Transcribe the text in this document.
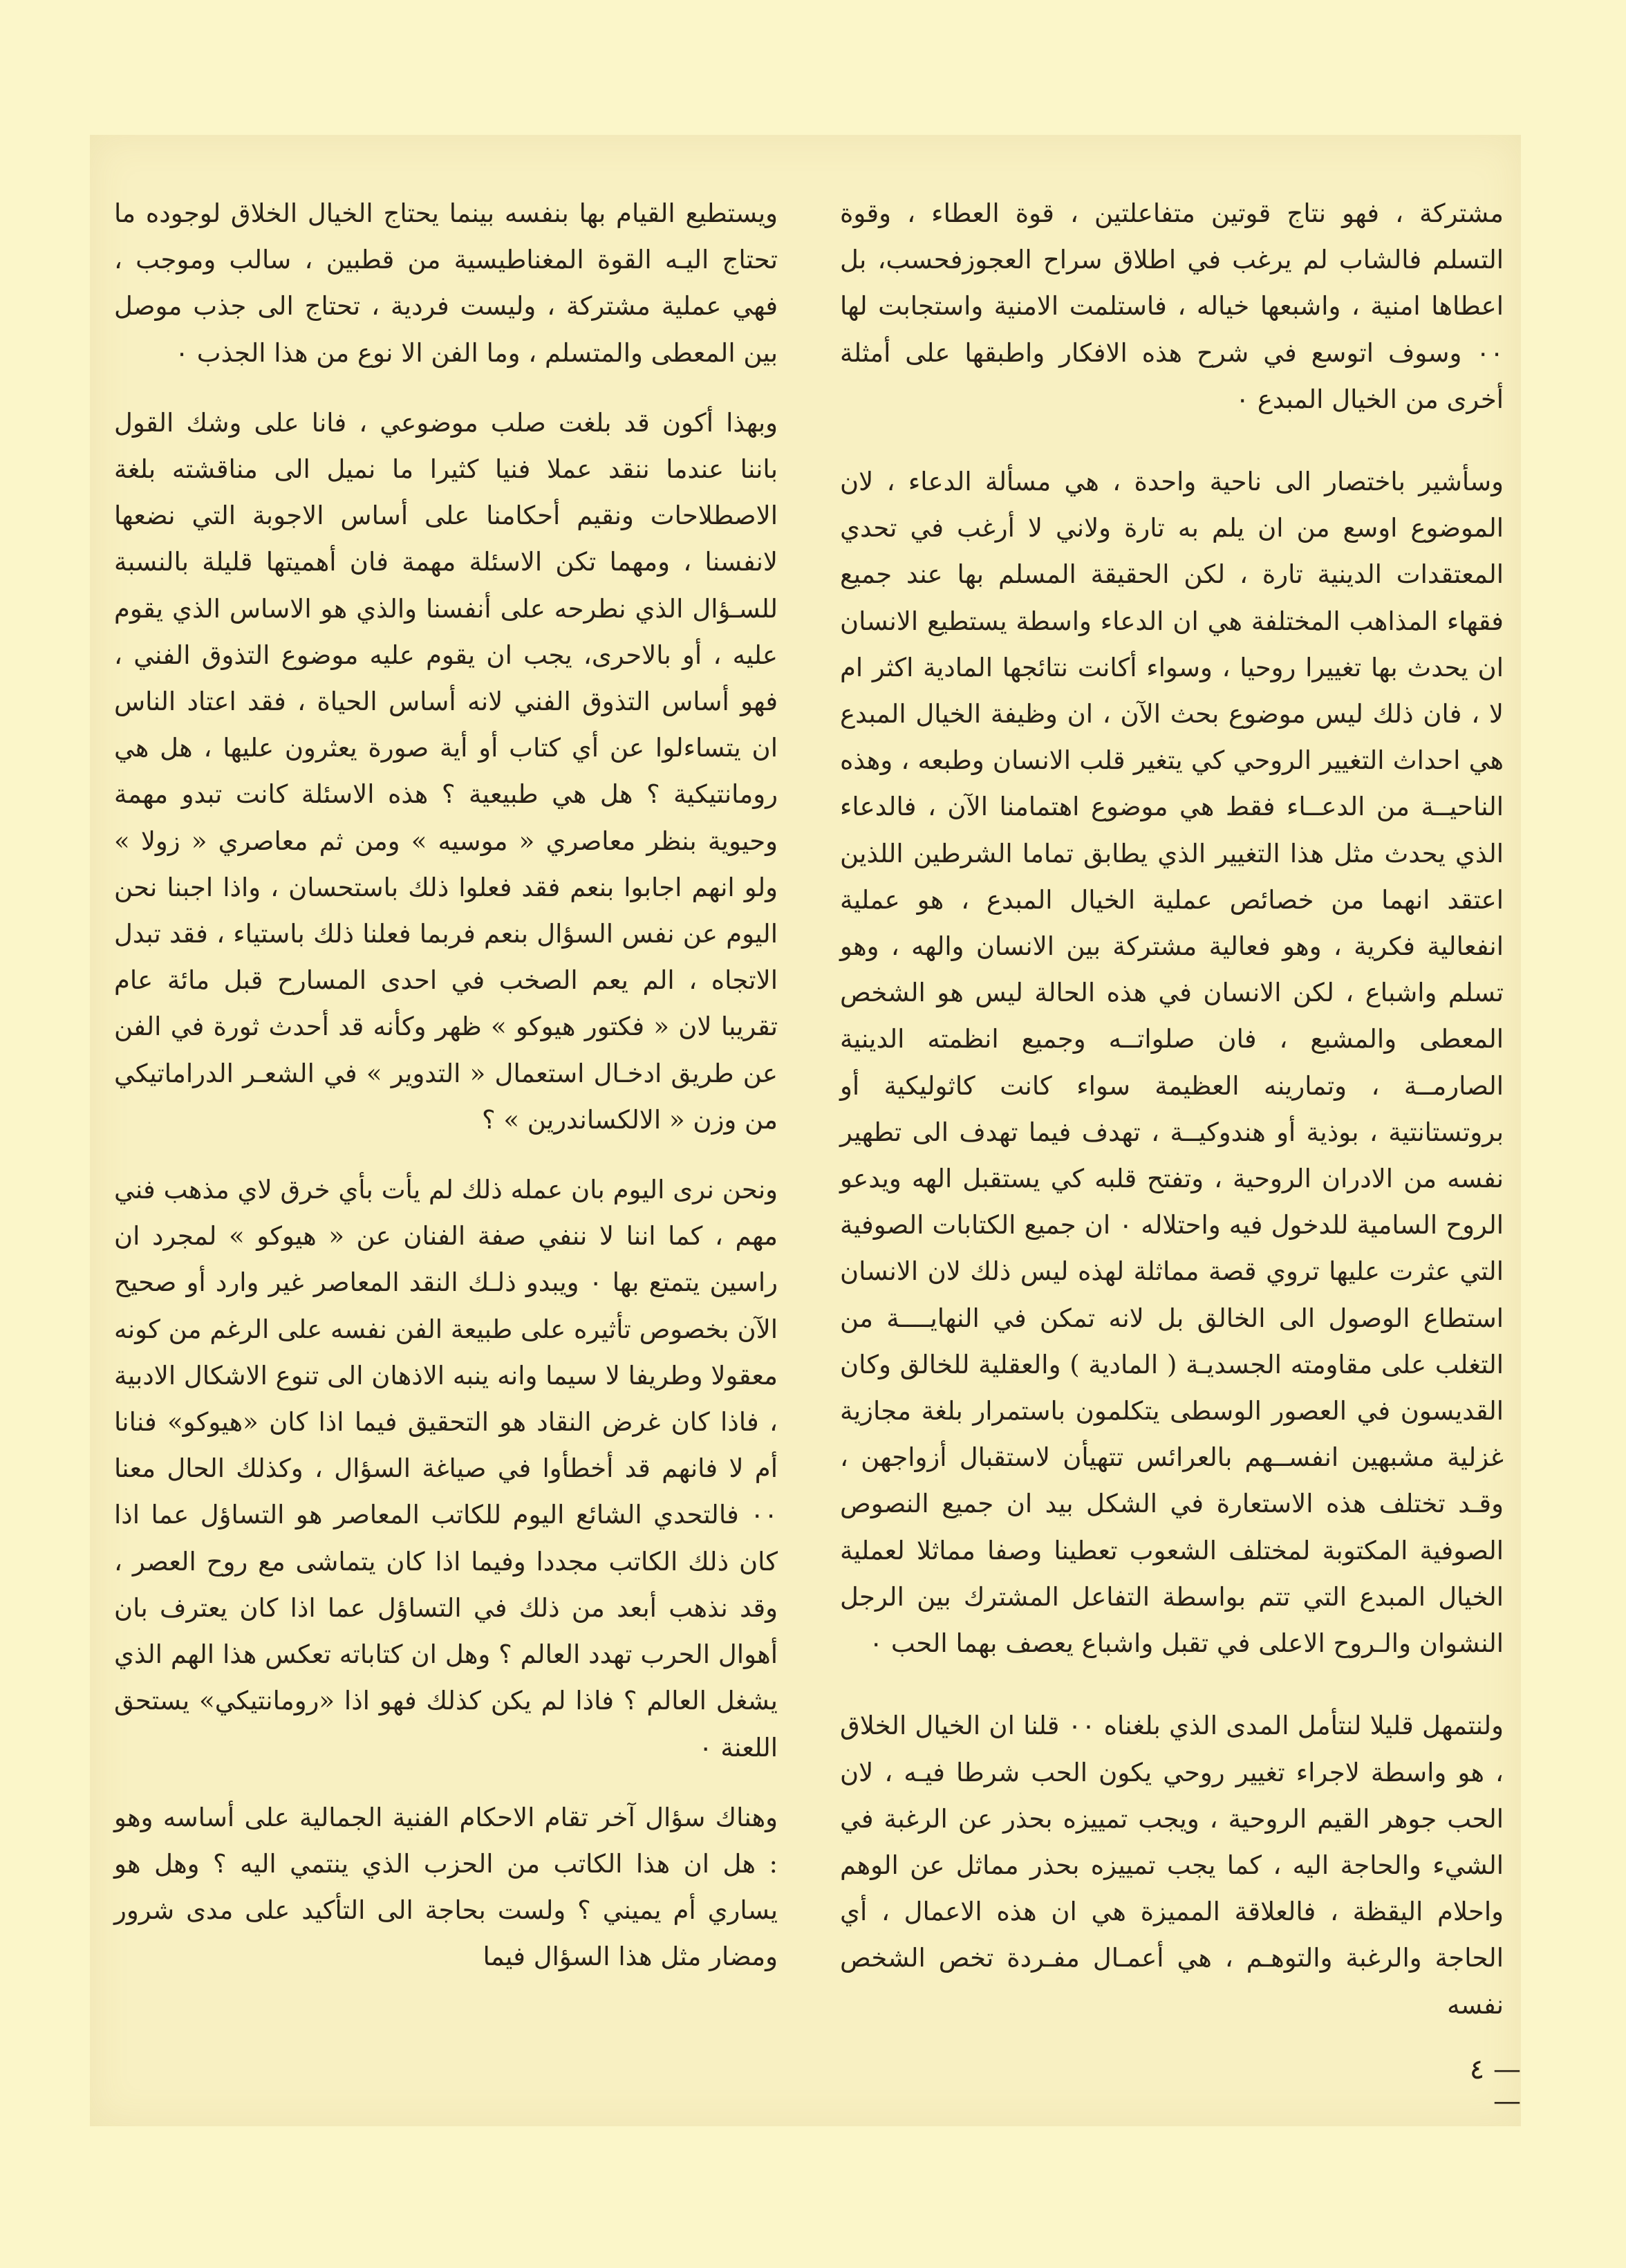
مشتركة ، فهو نتاج قوتين متفاعلتين ، قوة العطاء ، وقوة التسلم فالشاب لم يرغب في اطلاق سراح العجوزفحسب، بل اعطاها امنية ، واشبعها خياله ، فاستلمت الامنية واستجابت لها ٠٠ وسوف اتوسع في شرح هذه الافكار واطبقها على أمثلة أخرى من الخيال المبدع ٠

وسأشير باختصار الى ناحية واحدة ، هي مسألة الدعاء ، لان الموضوع اوسع من ان يلم به تارة ولاني لا أرغب في تحدي المعتقدات الدينية تارة ، لكن الحقيقة المسلم بها عند جميع فقهاء المذاهب المختلفة هي ان الدعاء واسطة يستطيع الانسان ان يحدث بها تغييرا روحيا ، وسواء أكانت نتائجها المادية اكثر ام لا ، فان ذلك ليس موضوع بحث الآن ، ان وظيفة الخيال المبدع هي احداث التغيير الروحي كي يتغير قلب الانسان وطبعه ، وهذه الناحيــة من الدعــاء فقط هي موضوع اهتمامنا الآن ، فالدعاء الذي يحدث مثل هذا التغيير الذي يطابق تماما الشرطين اللذين اعتقد انهما من خصائص عملية الخيال المبدع ، هو عملية انفعالية فكرية ، وهو فعالية مشتركة بين الانسان والهه ، وهو تسلم واشباع ، لكن الانسان في هذه الحالة ليس هو الشخص المعطى والمشبع ، فان صلواتــه وجميع انظمته الدينية الصارمــة ، وتمارينه العظيمة سواء كانت كاثوليكية أو بروتستانتية ، بوذية أو هندوكيــة ، تهدف فيما تهدف الى تطهير نفسه من الادران الروحية ، وتفتح قلبه كي يستقبل الهه ويدعو الروح السامية للدخول فيه واحتلاله ٠ ان جميع الكتابات الصوفية التي عثرت عليها تروي قصة مماثلة لهذه ليس ذلك لان الانسان استطاع الوصول الى الخالق بل لانه تمكن في النهايــــة من التغلب على مقاومته الجسديـة ( المادية ) والعقلية للخالق وكان القديسون في العصور الوسطى يتكلمون باستمرار بلغة مجازية غزلية مشبهين انفســهم بالعرائس تتهيأن لاستقبال أزواجهن ، وقـد تختلف هذه الاستعارة في الشكل بيد ان جميع النصوص الصوفية المكتوبة لمختلف الشعوب تعطينا وصفا مماثلا لعملية الخيال المبدع التي تتم بواسطة التفاعل المشترك بين الرجل النشوان والـروح الاعلى في تقبل واشباع يعصف بهما الحب ٠

ولنتمهل قليلا لنتأمل المدى الذي بلغناه ٠٠ قلنا ان الخيال الخلاق ، هو واسطة لاجراء تغيير روحي يكون الحب شرطا فيـه ، لان الحب جوهر القيم الروحية ، ويجب تمييزه بحذر عن الرغبة في الشيء والحاجة اليه ، كما يجب تمييزه بحذر مماثل عن الوهم واحلام اليقظة ، فالعلاقة المميزة هي ان هذه الاعمال ، أي الحاجة والرغبة والتوهـم ، هي أعمـال مفـردة تخص الشخص نفسه

ويستطيع القيام بها بنفسه بينما يحتاج الخيال الخلاق لوجوده ما تحتاج اليـه القوة المغناطيسية من قطبين ، سالب وموجب ، فهي عملية مشتركة ، وليست فردية ، تحتاج الى جذب موصل بين المعطى والمتسلم ، وما الفن الا نوع من هذا الجذب ٠

وبهذا أكون قد بلغت صلب موضوعي ، فانا على وشك القول باننا عندما ننقد عملا فنيا كثيرا ما نميل الى مناقشته بلغة الاصطلاحات ونقيم أحكامنا على أساس الاجوبة التي نضعها لانفسنا ، ومهما تكن الاسئلة مهمة فان أهميتها قليلة بالنسبة للسـؤال الذي نطرحه على أنفسنا والذي هو الاساس الذي يقوم عليه ، أو بالاحرى، يجب ان يقوم عليه موضوع التذوق الفني ، فهو أساس التذوق الفني لانه أساس الحياة ، فقد اعتاد الناس ان يتساءلوا عن أي كتاب أو أية صورة يعثرون عليها ، هل هي رومانتيكية ؟ هل هي طبيعية ؟ هذه الاسئلة كانت تبدو مهمة وحيوية بنظر معاصري « موسيه » ومن ثم معاصري « زولا » ولو انهم اجابوا بنعم فقد فعلوا ذلك باستحسان ، واذا اجبنا نحن اليوم عن نفس السؤال بنعم فربما فعلنا ذلك باستياء ، فقد تبدل الاتجاه ، الم يعم الصخب في احدى المسارح قبل مائة عام تقريبا لان « فكتور هيوكو » ظهر وكأنه قد أحدث ثورة في الفن عن طريق ادخـال استعمال « التدوير » في الشعـر الدراماتيكي من وزن « الالكساندرين » ؟

ونحن نرى اليوم بان عمله ذلك لم يأت بأي خرق لاي مذهب فني مهم ، كما اننا لا ننفي صفة الفنان عن « هيوكو » لمجرد ان راسين يتمتع بها ٠ ويبدو ذلـك النقد المعاصر غير وارد أو صحيح الآن بخصوص تأثيره على طبيعة الفن نفسه على الرغم من كونه معقولا وطريفا لا سيما وانه ينبه الاذهان الى تنوع الاشكال الادبية ، فاذا كان غرض النقاد هو التحقيق فيما اذا كان «هيوكو» فنانا أم لا فانهم قد أخطأوا في صياغة السؤال ، وكذلك الحال معنا ٠٠ فالتحدي الشائع اليوم للكاتب المعاصر هو التساؤل عما اذا كان ذلك الكاتب مجددا وفيما اذا كان يتماشى مع روح العصر ، وقد نذهب أبعد من ذلك في التساؤل عما اذا كان يعترف بان أهوال الحرب تهدد العالم ؟ وهل ان كتاباته تعكس هذا الهم الذي يشغل العالم ؟ فاذا لم يكن كذلك فهو اذا «رومانتيكي» يستحق اللعنة ٠

وهناك سؤال آخر تقام الاحكام الفنية الجمالية على أساسه وهو : هل ان هذا الكاتب من الحزب الذي ينتمي اليه ؟ وهل هو يساري أم يميني ؟ ولست بحاجة الى التأكيد على مدى شرور ومضار مثل هذا السؤال فيما

— ٤ —
